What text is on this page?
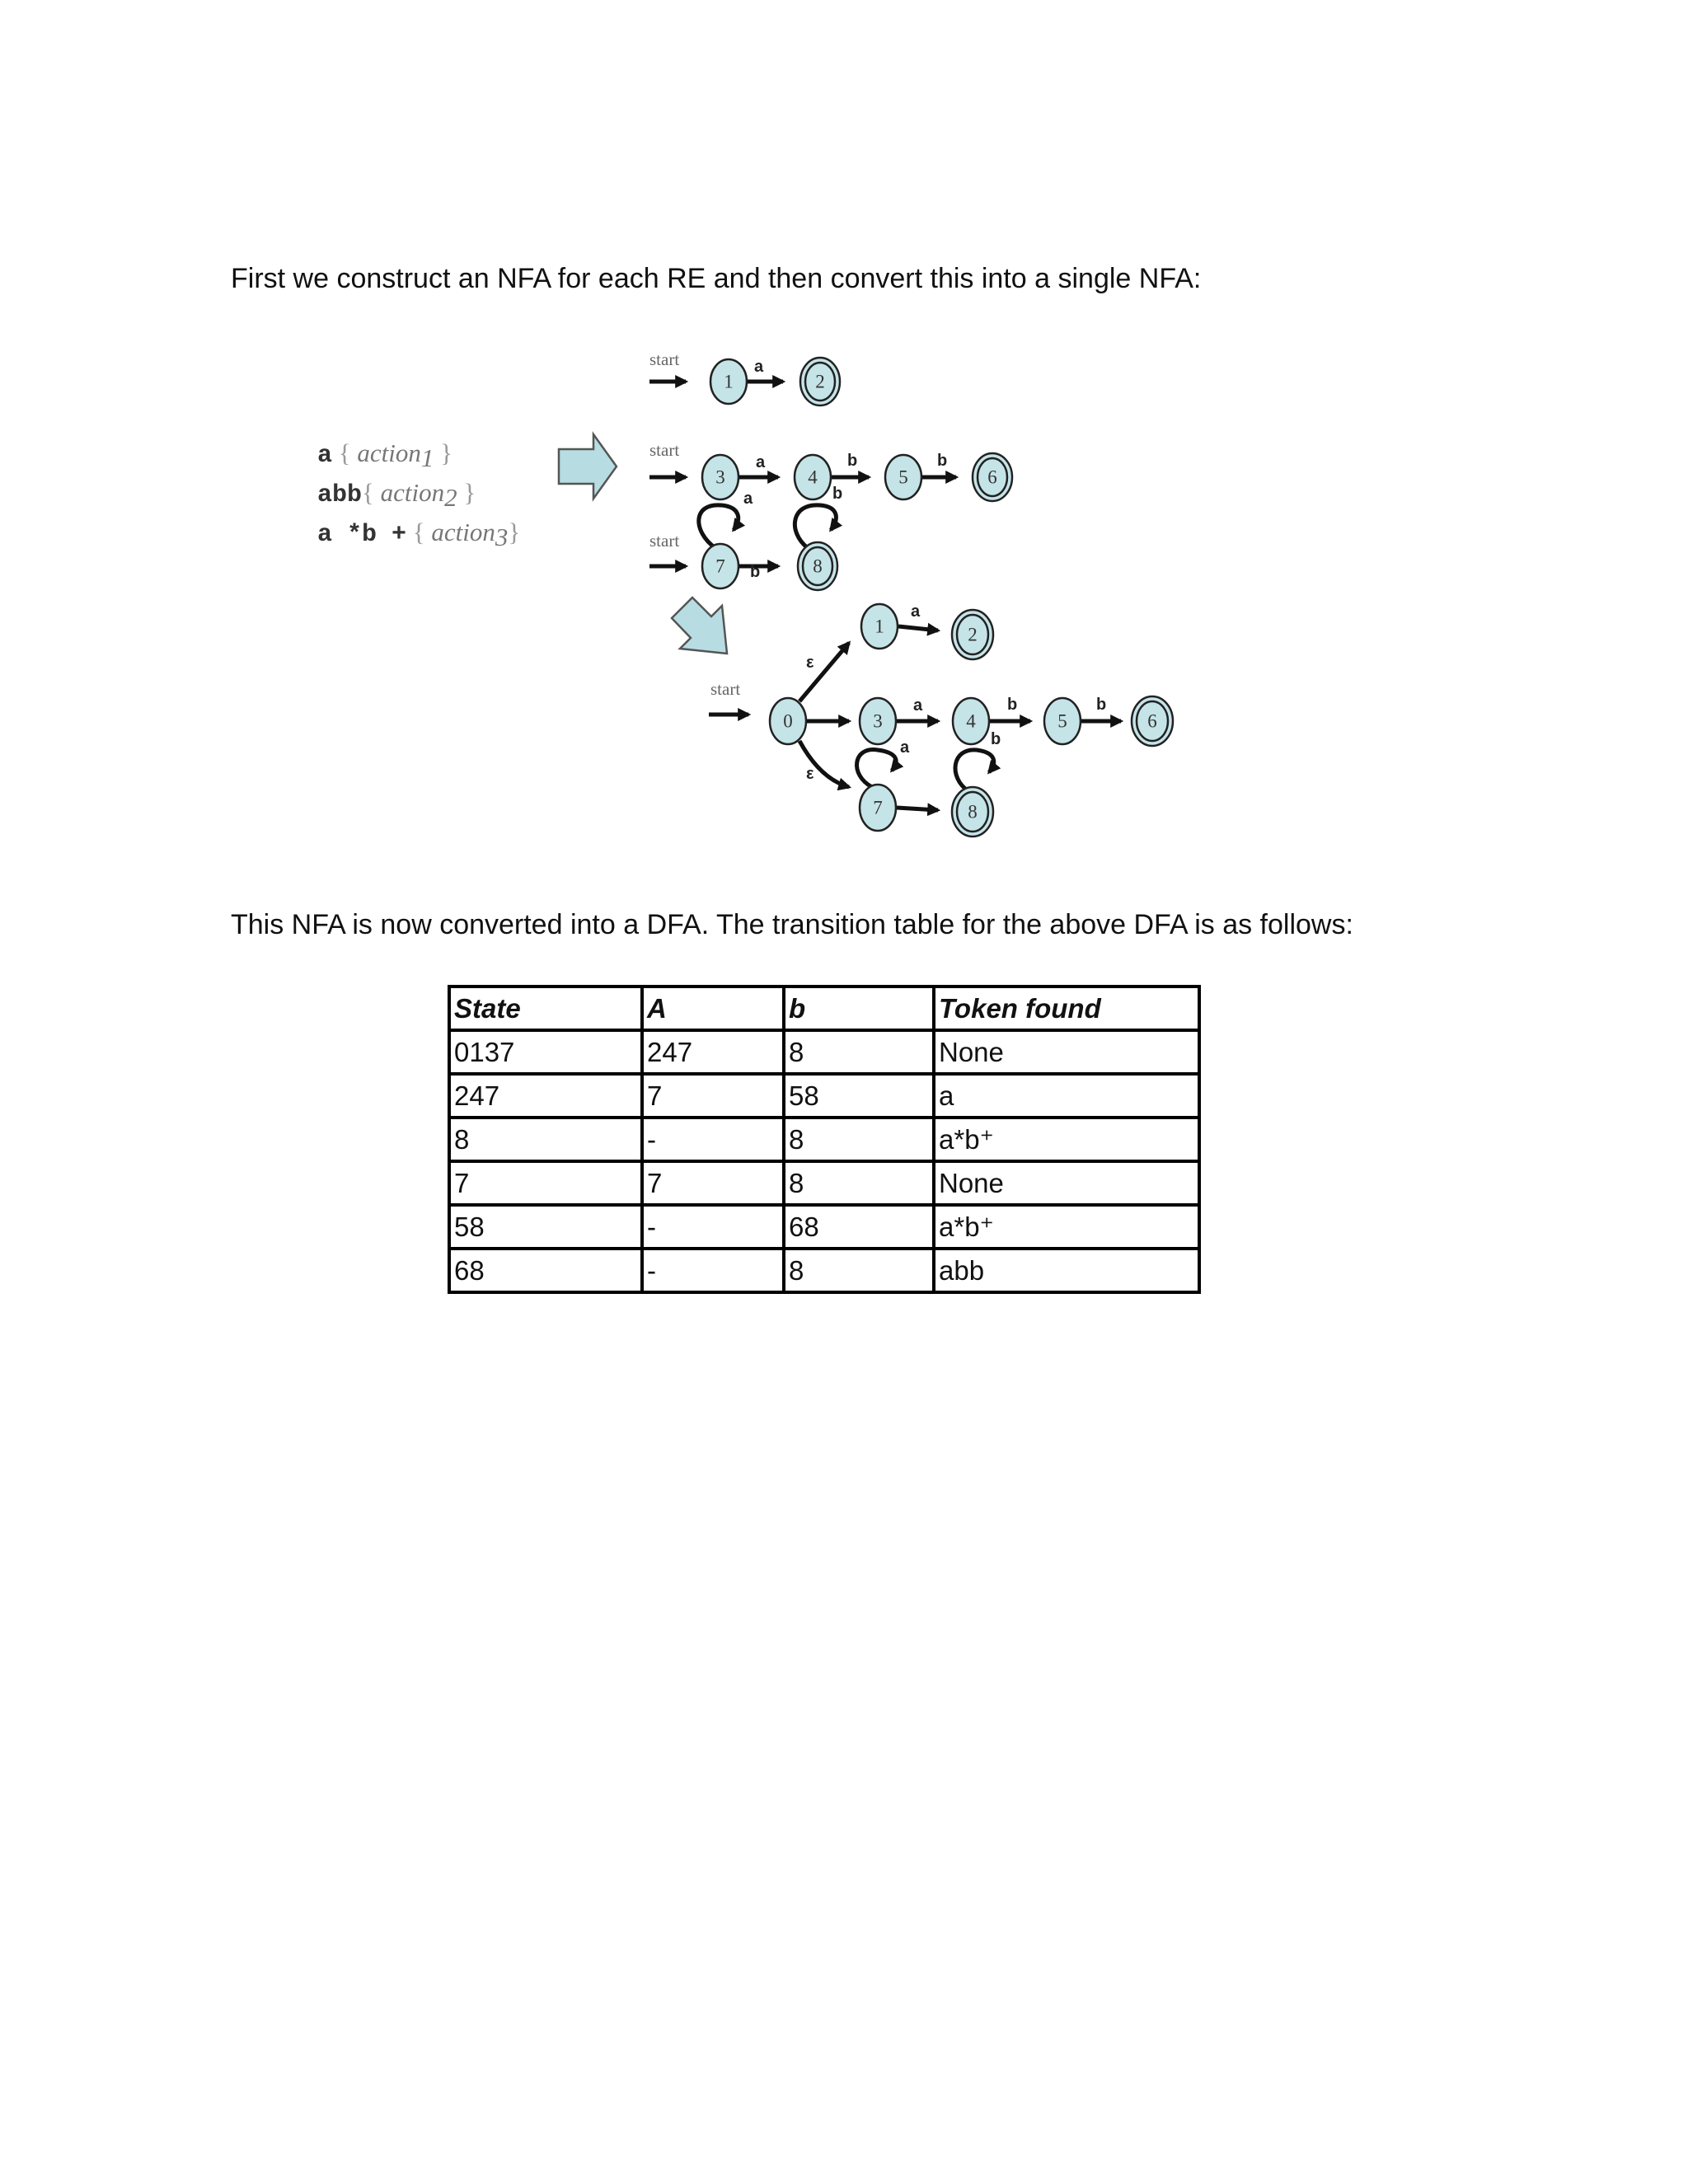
First we construct an NFA for each RE and then convert this into a single NFA:

a { action1 }
abb{ action2 }
a *b + { action3}
start
1
a
2
start
3
a
4
b
5
b
6
start
a
7 b
b
8
start
0
ε
ε
1
a
2
3
a
4
b
5
b
6
a
7
b
8

This NFA is now converted into a DFA. The transition table for the above DFA is as follows:

State	A	b	Token found
0137	247	8	None
247	7	58	a
8	-	8	a*b⁺
7	7	8	None
58	-	68	a*b⁺
68	-	8	abb
